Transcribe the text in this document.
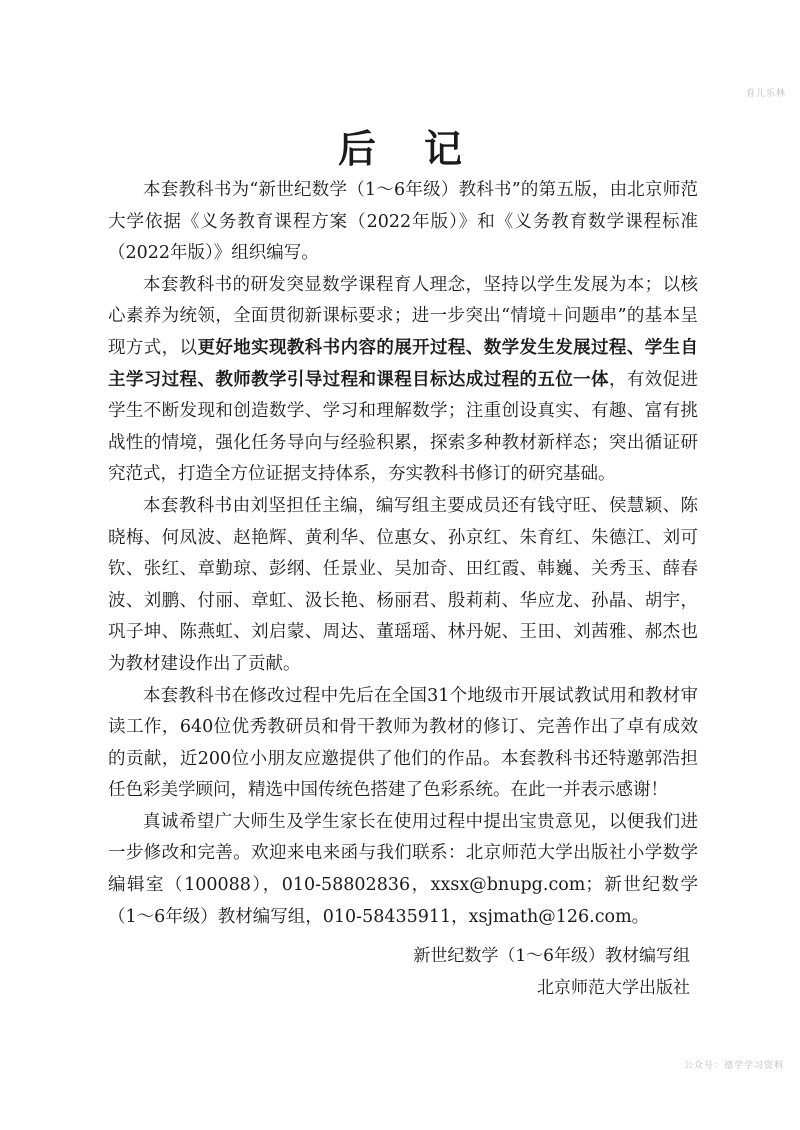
育儿乐林
后记

本套教科书为“新世纪数学（1～6年级）教科书”的第五版，由北京师范大学依据《义务教育课程方案（2022年版）》和《义务教育数学课程标准（2022年版）》组织编写。

本套教科书的研发突显数学课程育人理念，坚持以学生发展为本；以核心素养为统领，全面贯彻新课标要求；进一步突出“情境＋问题串”的基本呈现方式，以更好地实现教科书内容的展开过程、数学发生发展过程、学生自主学习过程、教师教学引导过程和课程目标达成过程的五位一体，有效促进学生不断发现和创造数学、学习和理解数学；注重创设真实、有趣、富有挑战性的情境，强化任务导向与经验积累，探索多种教材新样态；突出循证研究范式，打造全方位证据支持体系，夯实教科书修订的研究基础。

本套教科书由刘坚担任主编，编写组主要成员还有钱守旺、侯慧颖、陈晓梅、何凤波、赵艳辉、黄利华、位惠女、孙京红、朱育红、朱德江、刘可钦、张红、章勤琼、彭纲、任景业、吴加奇、田红霞、韩巍、关秀玉、薛春波、刘鹏、付丽、章虹、汲长艳、杨丽君、殷莉莉、华应龙、孙晶、胡宇，巩子坤、陈燕虹、刘启蒙、周达、董瑶瑶、林丹妮、王田、刘茜雅、郝杰也为教材建设作出了贡献。

本套教科书在修改过程中先后在全国31个地级市开展试教试用和教材审读工作，640位优秀教研员和骨干教师为教材的修订、完善作出了卓有成效的贡献，近200位小朋友应邀提供了他们的作品。本套教科书还特邀郭浩担任色彩美学顾问，精选中国传统色搭建了色彩系统。在此一并表示感谢！

真诚希望广大师生及学生家长在使用过程中提出宝贵意见，以便我们进一步修改和完善。欢迎来电来函与我们联系：北京师范大学出版社小学数学编辑室（100088），010-58802836，xxsx@bnupg.com；新世纪数学（1～6年级）教材编写组，010-58435911，xsjmath@126.com。

新世纪数学（1～6年级）教材编写组
北京师范大学出版社
公众号：德学学习资料
